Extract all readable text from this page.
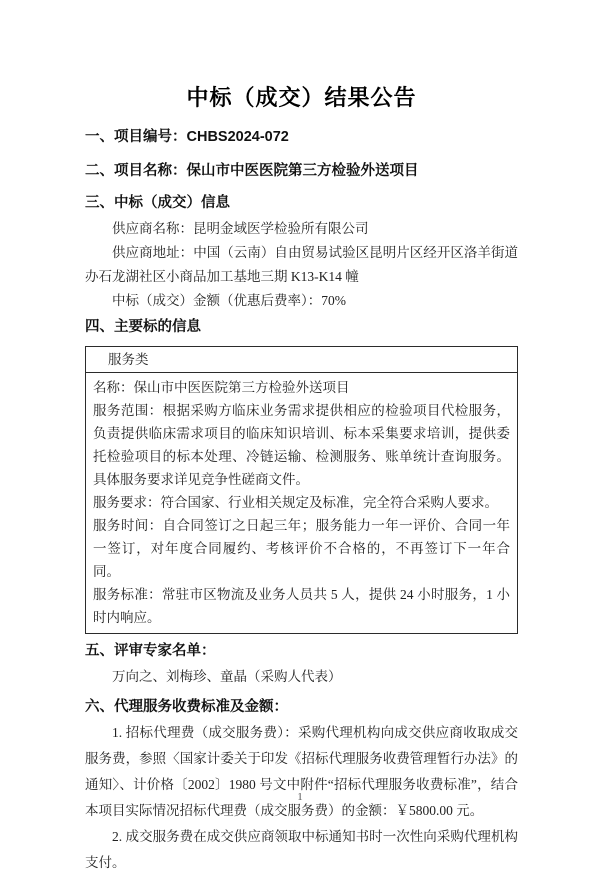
中标（成交）结果公告
一、项目编号：CHBS2024-072
二、项目名称：保山市中医医院第三方检验外送项目
三、中标（成交）信息

供应商名称：昆明金域医学检验所有限公司

供应商地址：中国（云南）自由贸易试验区昆明片区经开区洛羊街道办石龙湖社区小商品加工基地三期 K13-K14 幢

中标（成交）金额（优惠后费率）：70%

四、主要标的信息
服务类

名称：保山市中医医院第三方检验外送项目

服务范围：根据采购方临床业务需求提供相应的检验项目代检服务，负责提供临床需求项目的临床知识培训、标本采集要求培训，提供委托检验项目的标本处理、冷链运输、检测服务、账单统计查询服务。具体服务要求详见竞争性磋商文件。

服务要求：符合国家、行业相关规定及标准，完全符合采购人要求。

服务时间：自合同签订之日起三年；服务能力一年一评价、合同一年一签订，对年度合同履约、考核评价不合格的，不再签订下一年合同。

服务标准：常驻市区物流及业务人员共 5 人，提供 24 小时服务，1 小时内响应。

五、评审专家名单：

万向之、刘梅珍、童晶（采购人代表）

六、代理服务收费标准及金额：

1. 招标代理费（成交服务费）：采购代理机构向成交供应商收取成交服务费，参照〈国家计委关于印发《招标代理服务收费管理暂行办法》的通知〉、计价格〔2002〕1980 号文中附件“招标代理服务收费标准”，结合本项目实际情况招标代理费（成交服务费）的金额：￥5800.00 元。

2. 成交服务费在成交供应商领取中标通知书时一次性向采购代理机构支付。

1
